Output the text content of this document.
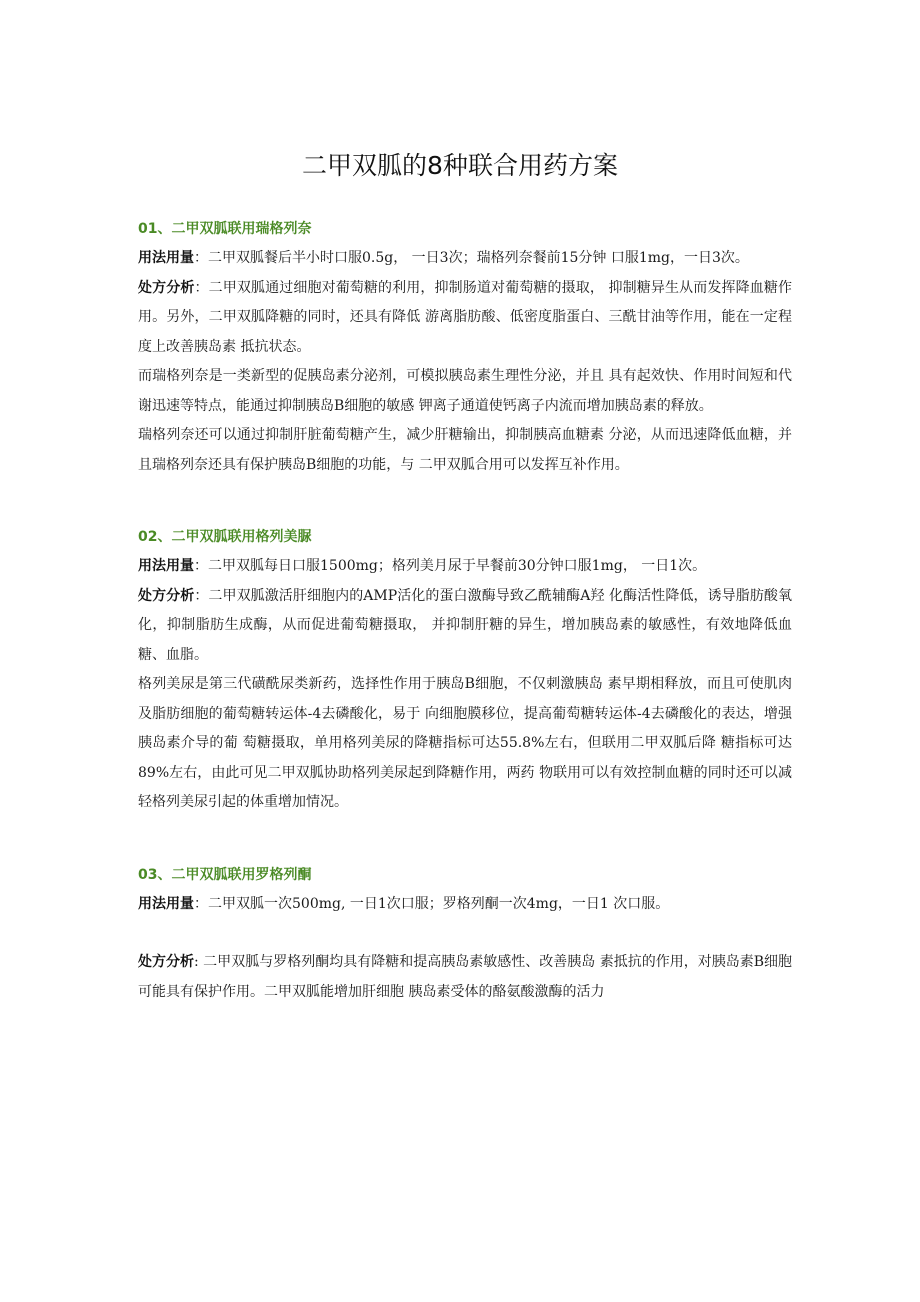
二甲双胍的8种联合用药方案
01、二甲双胍联用瑞格列奈

用法用量：二甲双胍餐后半小时口服0.5g， 一日3次；瑞格列奈餐前15分钟 口服1mg，一日3次。

处方分析：二甲双胍通过细胞对葡萄糖的利用，抑制肠道对葡萄糖的摄取， 抑制糖异生从而发挥降血糖作用。另外，二甲双胍降糖的同时，还具有降低 游离脂肪酸、低密度脂蛋白、三酰甘油等作用，能在一定程度上改善胰岛素 抵抗状态。

而瑞格列奈是一类新型的促胰岛素分泌剂，可模拟胰岛素生理性分泌，并且 具有起效快、作用时间短和代谢迅速等特点，能通过抑制胰岛B细胞的敏感 钾离子通道使钙离子内流而增加胰岛素的释放。

瑞格列奈还可以通过抑制肝脏葡萄糖产生，减少肝糖输出，抑制胰高血糖素 分泌，从而迅速降低血糖，并且瑞格列奈还具有保护胰岛B细胞的功能，与 二甲双胍合用可以发挥互补作用。

02、二甲双胍联用格列美脲

用法用量：二甲双胍每日口服1500mg；格列美月尿于早餐前30分钟口服1mg， 一日1次。

处方分析：二甲双胍激活肝细胞内的AMP活化的蛋白激酶导致乙酰辅酶A羟 化酶活性降低，诱导脂肪酸氧化，抑制脂肪生成酶，从而促进葡萄糖摄取， 并抑制肝糖的异生，增加胰岛素的敏感性，有效地降低血糖、血脂。

格列美尿是第三代磺酰尿类新药，选择性作用于胰岛B细胞，不仅刺激胰岛 素早期相释放，而且可使肌肉及脂肪细胞的葡萄糖转运体-4去磷酸化，易于 向细胞膜移位，提高葡萄糖转运体-4去磷酸化的表达，增强胰岛素介导的葡 萄糖摄取，单用格列美尿的降糖指标可达55.8%左右，但联用二甲双胍后降 糖指标可达89%左右，由此可见二甲双胍协助格列美尿起到降糖作用，两药 物联用可以有效控制血糖的同时还可以减轻格列美尿引起的体重增加情况。

03、二甲双胍联用罗格列酮

用法用量：二甲双胍一次500mg, 一日1次口服；罗格列酮一次4mg，一日1 次口服。

处方分析: 二甲双胍与罗格列酮均具有降糖和提高胰岛素敏感性、改善胰岛 素抵抗的作用，对胰岛素B细胞可能具有保护作用。二甲双胍能增加肝细胞 胰岛素受体的酪氨酸激酶的活力
